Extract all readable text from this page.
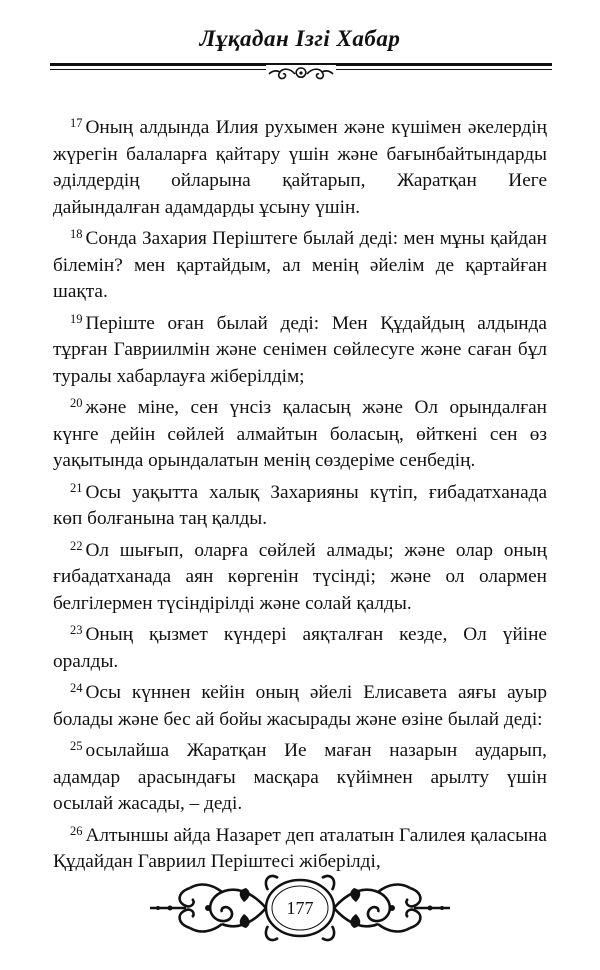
Лұқадан Ізгі Хабар

$^{17}$ Оның алдында Илия рухымен және күшімен әкелердің жүрегін балаларға қайтару үшін және бағынбайтындарды әділдердің ойларына қайтарып, Жаратқан Иеге дайындалған адамдарды ұсыну үшін.

$^{18}$ Сонда Захария Періштеге былай деді: мен мұны қайдан білемін? мен қартайдым, ал менің әйелім де қартайған шақта.

$^{19}$ Періште оған былай деді: Мен Құдайдың алдында тұрған Гавриилмін және сенімен сөйлесуге және саған бұл туралы хабарлауға жіберілдім;

$^{20}$ және міне, сен үнсіз қаласың және Ол орындалған күнге дейін сөйлей алмайтын боласың, өйткені сен өз уақытында орындалатын менің сөздеріме сенбедің.

$^{21}$ Осы уақытта халық Захарияны күтіп, ғибадатханада көп болғанына таң қалды.

$^{22}$ Ол шығып, оларға сөйлей алмады; және олар оның ғибадатханада аян көргенін түсінді; және ол олармен белгілермен түсіндірілді және солай қалды.

$^{23}$ Оның қызмет күндері аяқталған кезде, Ол үйіне оралды.

$^{24}$ Осы күннен кейін оның әйелі Елисавета аяғы ауыр болады және бес ай бойы жасырады және өзіне былай деді:

$^{25}$ осылайша Жаратқан Ие маған назарын аударып, адамдар арасындағы масқара күйімнен арылту үшін осылай жасады, – деді.

$^{26}$ Алтыншы айда Назарет деп аталатын Галилея қаласына Құдайдан Гавриил Періштесі жіберілді,

177
